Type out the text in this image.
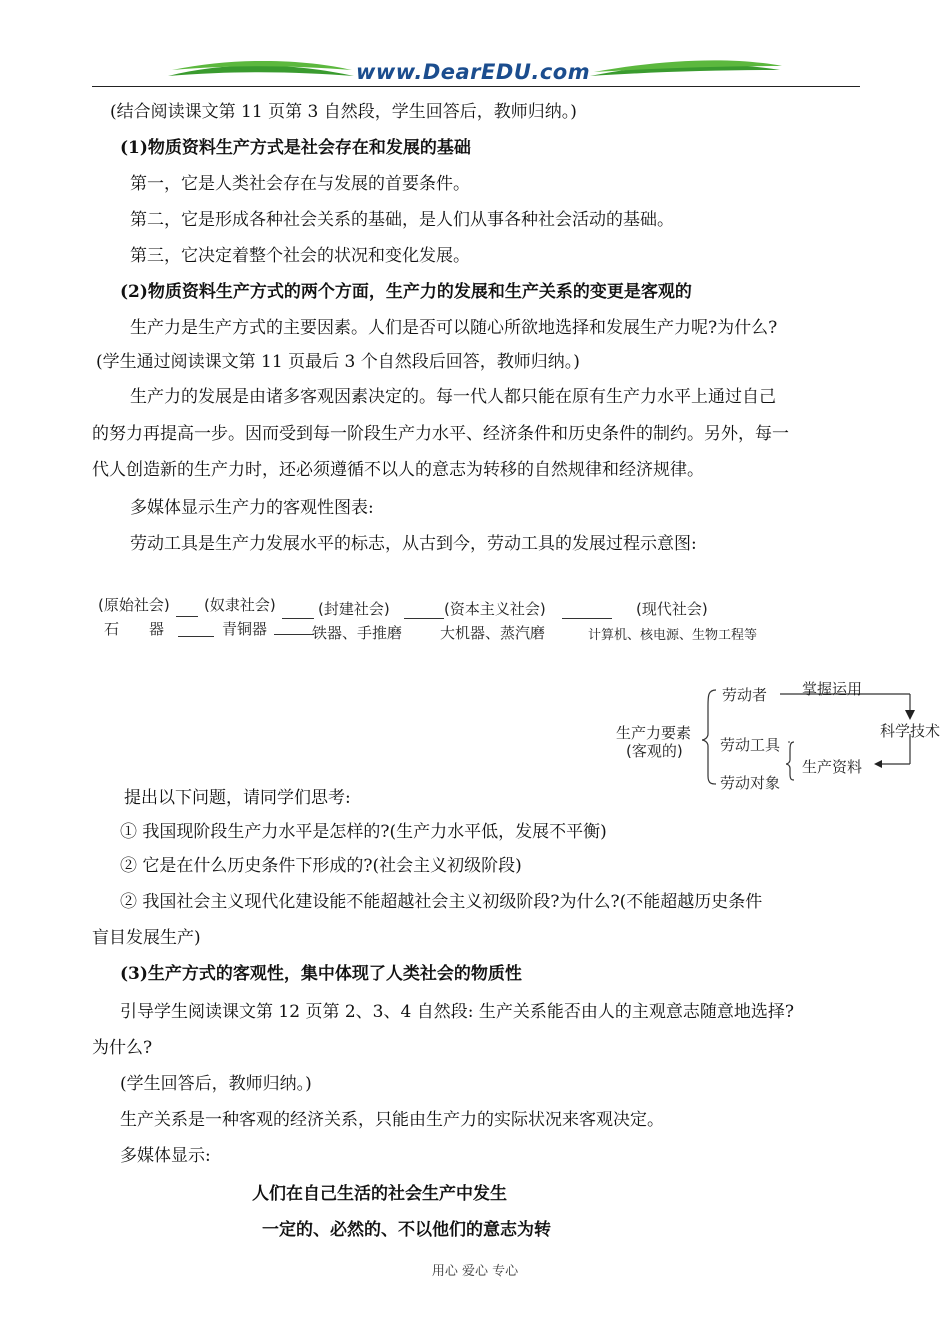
www.DearEDU.com
(结合阅读课文第 11 页第 3 自然段，学生回答后，教师归纳。)
(1)物质资料生产方式是社会存在和发展的基础
第一，它是人类社会存在与发展的首要条件。
第二，它是形成各种社会关系的基础，是人们从事各种社会活动的基础。
第三，它决定着整个社会的状况和变化发展。
(2)物质资料生产方式的两个方面，生产力的发展和生产关系的变更是客观的
生产力是生产方式的主要因素。人们是否可以随心所欲地选择和发展生产力呢?为什么?
(学生通过阅读课文第 11 页最后 3 个自然段后回答，教师归纳。)
生产力的发展是由诸多客观因素决定的。每一代人都只能在原有生产力水平上通过自己
的努力再提高一步。因而受到每一阶段生产力水平、经济条件和历史条件的制约。另外，每一
代人创造新的生产力时，还必须遵循不以人的意志为转移的自然规律和经济规律。
多媒体显示生产力的客观性图表:
劳动工具是生产力发展水平的标志，从古到今，劳动工具的发展过程示意图:
(原始社会)
石　　器
(奴隶社会)
青铜器
(封建社会)
铁器、手推磨
(资本主义社会)
大机器、蒸汽磨
(现代社会)
计算机、核电源、生物工程等
生产力要素
(客观的)
劳动者 掌握运用
科学技术
劳动工具
劳动对象
生产资料
提出以下问题，请同学们思考:
① 我国现阶段生产力水平是怎样的?(生产力水平低，发展不平衡)
② 它是在什么历史条件下形成的?(社会主义初级阶段)
② 我国社会主义现代化建设能不能超越社会主义初级阶段?为什么?(不能超越历史条件
盲目发展生产)
(3)生产方式的客观性，集中体现了人类社会的物质性
引导学生阅读课文第 12 页第 2、3、4 自然段: 生产关系能否由人的主观意志随意地选择?
为什么?
(学生回答后，教师归纳。)
生产关系是一种客观的经济关系，只能由生产力的实际状况来客观决定。
多媒体显示:
人们在自己生活的社会生产中发生
一定的、必然的、不以他们的意志为转
用心 爱心 专心
